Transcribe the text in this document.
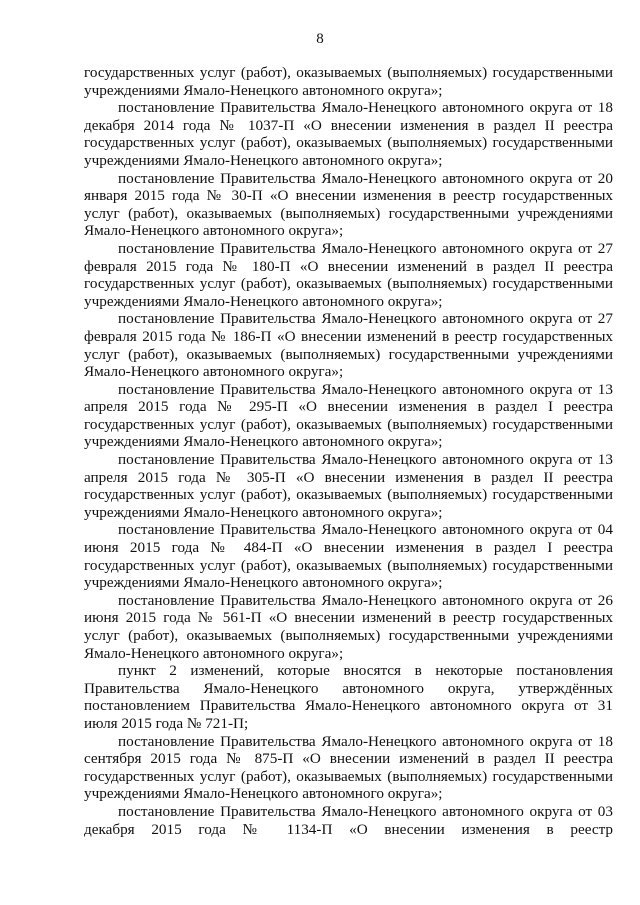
8

государственных услуг (работ), оказываемых (выполняемых) государственными учреждениями Ямало-Ненецкого автономного округа»;

постановление Правительства Ямало-Ненецкого автономного округа от 18 декабря 2014 года № 1037-П «О внесении изменения в раздел II реестра государственных услуг (работ), оказываемых (выполняемых) государственными учреждениями Ямало-Ненецкого автономного округа»;

постановление Правительства Ямало-Ненецкого автономного округа от 20 января 2015 года № 30-П «О внесении изменения в реестр государственных услуг (работ), оказываемых (выполняемых) государственными учреждениями Ямало-Ненецкого автономного округа»;

постановление Правительства Ямало-Ненецкого автономного округа от 27 февраля 2015 года № 180-П «О внесении изменений в раздел II реестра государственных услуг (работ), оказываемых (выполняемых) государственными учреждениями Ямало-Ненецкого автономного округа»;

постановление Правительства Ямало-Ненецкого автономного округа от 27 февраля 2015 года № 186-П «О внесении изменений в реестр государственных услуг (работ), оказываемых (выполняемых) государственными учреждениями Ямало-Ненецкого автономного округа»;

постановление Правительства Ямало-Ненецкого автономного округа от 13 апреля 2015 года № 295-П «О внесении изменения в раздел I реестра государственных услуг (работ), оказываемых (выполняемых) государственными учреждениями Ямало-Ненецкого автономного округа»;

постановление Правительства Ямало-Ненецкого автономного округа от 13 апреля 2015 года № 305-П «О внесении изменения в раздел II реестра государственных услуг (работ), оказываемых (выполняемых) государственными учреждениями Ямало-Ненецкого автономного округа»;

постановление Правительства Ямало-Ненецкого автономного округа от 04 июня 2015 года № 484-П «О внесении изменения в раздел I реестра государственных услуг (работ), оказываемых (выполняемых) государственными учреждениями Ямало-Ненецкого автономного округа»;

постановление Правительства Ямало-Ненецкого автономного округа от 26 июня 2015 года № 561-П «О внесении изменений в реестр государственных услуг (работ), оказываемых (выполняемых) государственными учреждениями Ямало-Ненецкого автономного округа»;

пункт 2 изменений, которые вносятся в некоторые постановления Правительства Ямало-Ненецкого автономного округа, утверждённых постановлением Правительства Ямало-Ненецкого автономного округа от 31 июля 2015 года № 721-П;

постановление Правительства Ямало-Ненецкого автономного округа от 18 сентября 2015 года № 875-П «О внесении изменений в раздел II реестра государственных услуг (работ), оказываемых (выполняемых) государственными учреждениями Ямало-Ненецкого автономного округа»;

постановление Правительства Ямало-Ненецкого автономного округа от 03 декабря 2015 года № 1134-П «О внесении изменения в реестр
